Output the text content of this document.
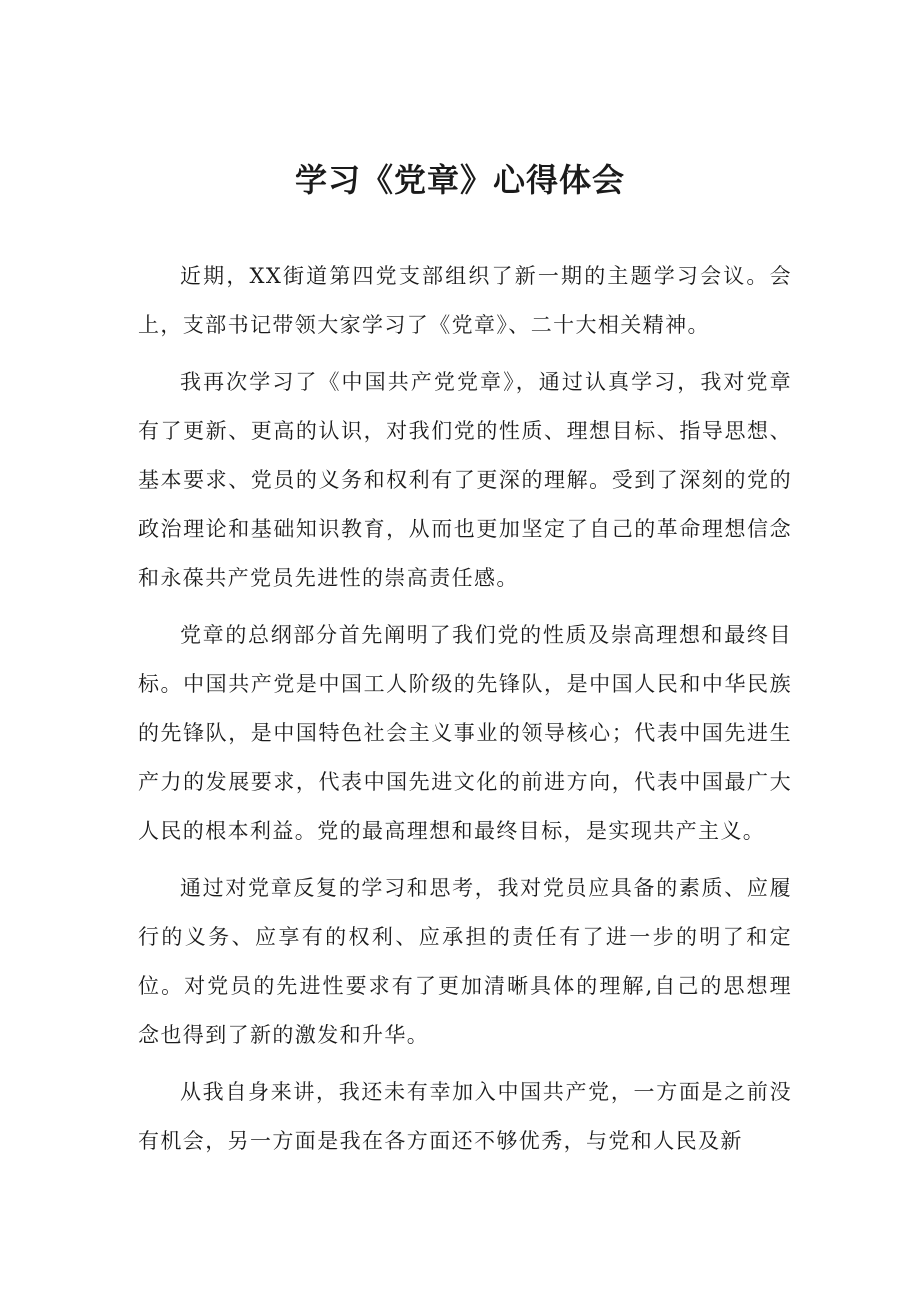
学习《党章》心得体会

近期，XX街道第四党支部组织了新一期的主题学习会议。会上，支部书记带领大家学习了《党章》、二十大相关精神。

我再次学习了《中国共产党党章》，通过认真学习，我对党章有了更新、更高的认识，对我们党的性质、理想目标、指导思想、基本要求、党员的义务和权利有了更深的理解。受到了深刻的党的政治理论和基础知识教育，从而也更加坚定了自己的革命理想信念和永葆共产党员先进性的崇高责任感。

党章的总纲部分首先阐明了我们党的性质及崇高理想和最终目标。中国共产党是中国工人阶级的先锋队，是中国人民和中华民族的先锋队，是中国特色社会主义事业的领导核心；代表中国先进生产力的发展要求，代表中国先进文化的前进方向，代表中国最广大人民的根本利益。党的最高理想和最终目标，是实现共产主义。

通过对党章反复的学习和思考，我对党员应具备的素质、应履行的义务、应享有的权利、应承担的责任有了进一步的明了和定位。对党员的先进性要求有了更加清晰具体的理解,自己的思想理念也得到了新的激发和升华。

从我自身来讲，我还未有幸加入中国共产党，一方面是之前没有机会，另一方面是我在各方面还不够优秀，与党和人民及新
